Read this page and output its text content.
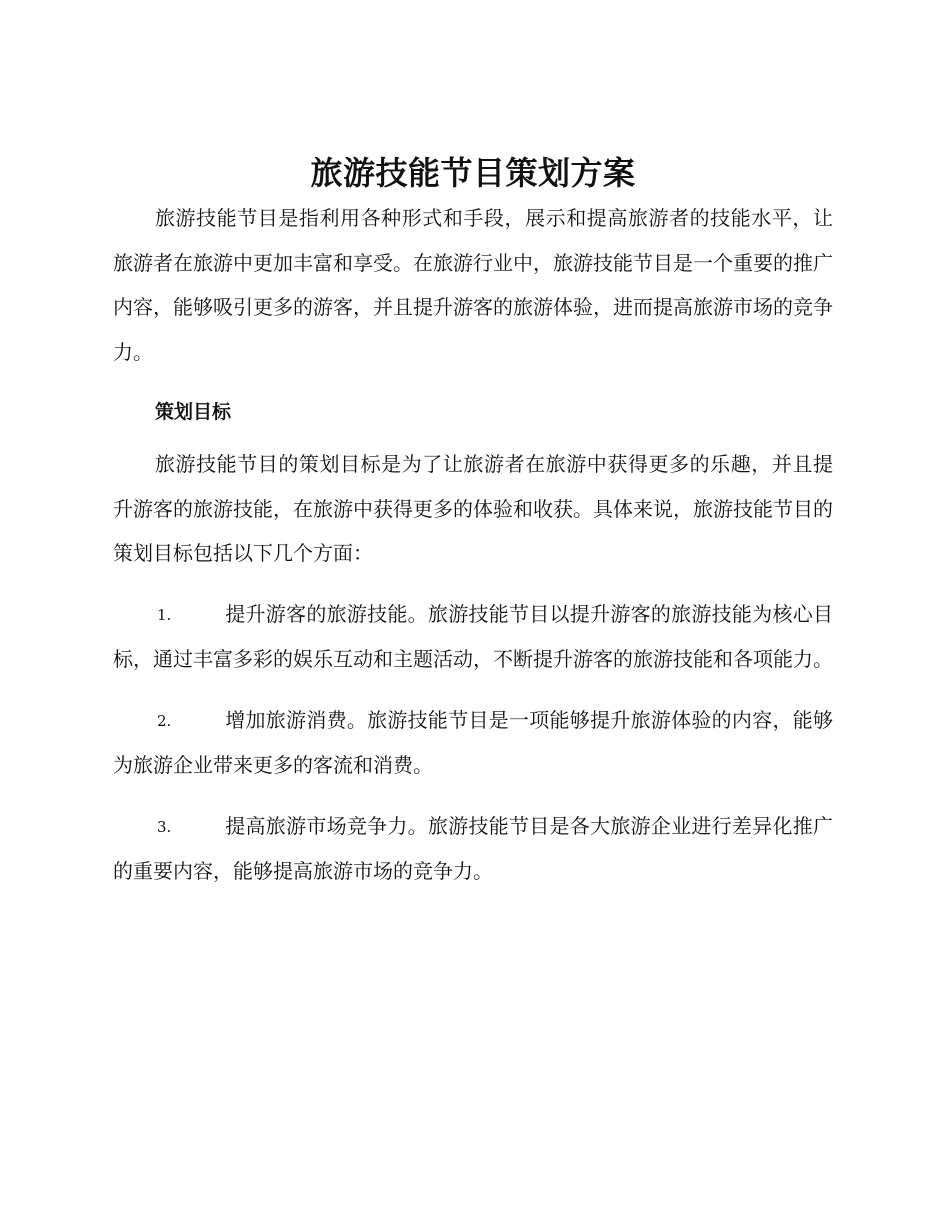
旅游技能节目策划方案

旅游技能节目是指利用各种形式和手段，展示和提高旅游者的技能水平，让旅游者在旅游中更加丰富和享受。在旅游行业中，旅游技能节目是一个重要的推广内容，能够吸引更多的游客，并且提升游客的旅游体验，进而提高旅游市场的竞争力。

策划目标

旅游技能节目的策划目标是为了让旅游者在旅游中获得更多的乐趣，并且提升游客的旅游技能，在旅游中获得更多的体验和收获。具体来说，旅游技能节目的策划目标包括以下几个方面：

1.	提升游客的旅游技能。旅游技能节目以提升游客的旅游技能为核心目标，通过丰富多彩的娱乐互动和主题活动，不断提升游客的旅游技能和各项能力。

2.	增加旅游消费。旅游技能节目是一项能够提升旅游体验的内容，能够为旅游企业带来更多的客流和消费。

3.	提高旅游市场竞争力。旅游技能节目是各大旅游企业进行差异化推广的重要内容，能够提高旅游市场的竞争力。
